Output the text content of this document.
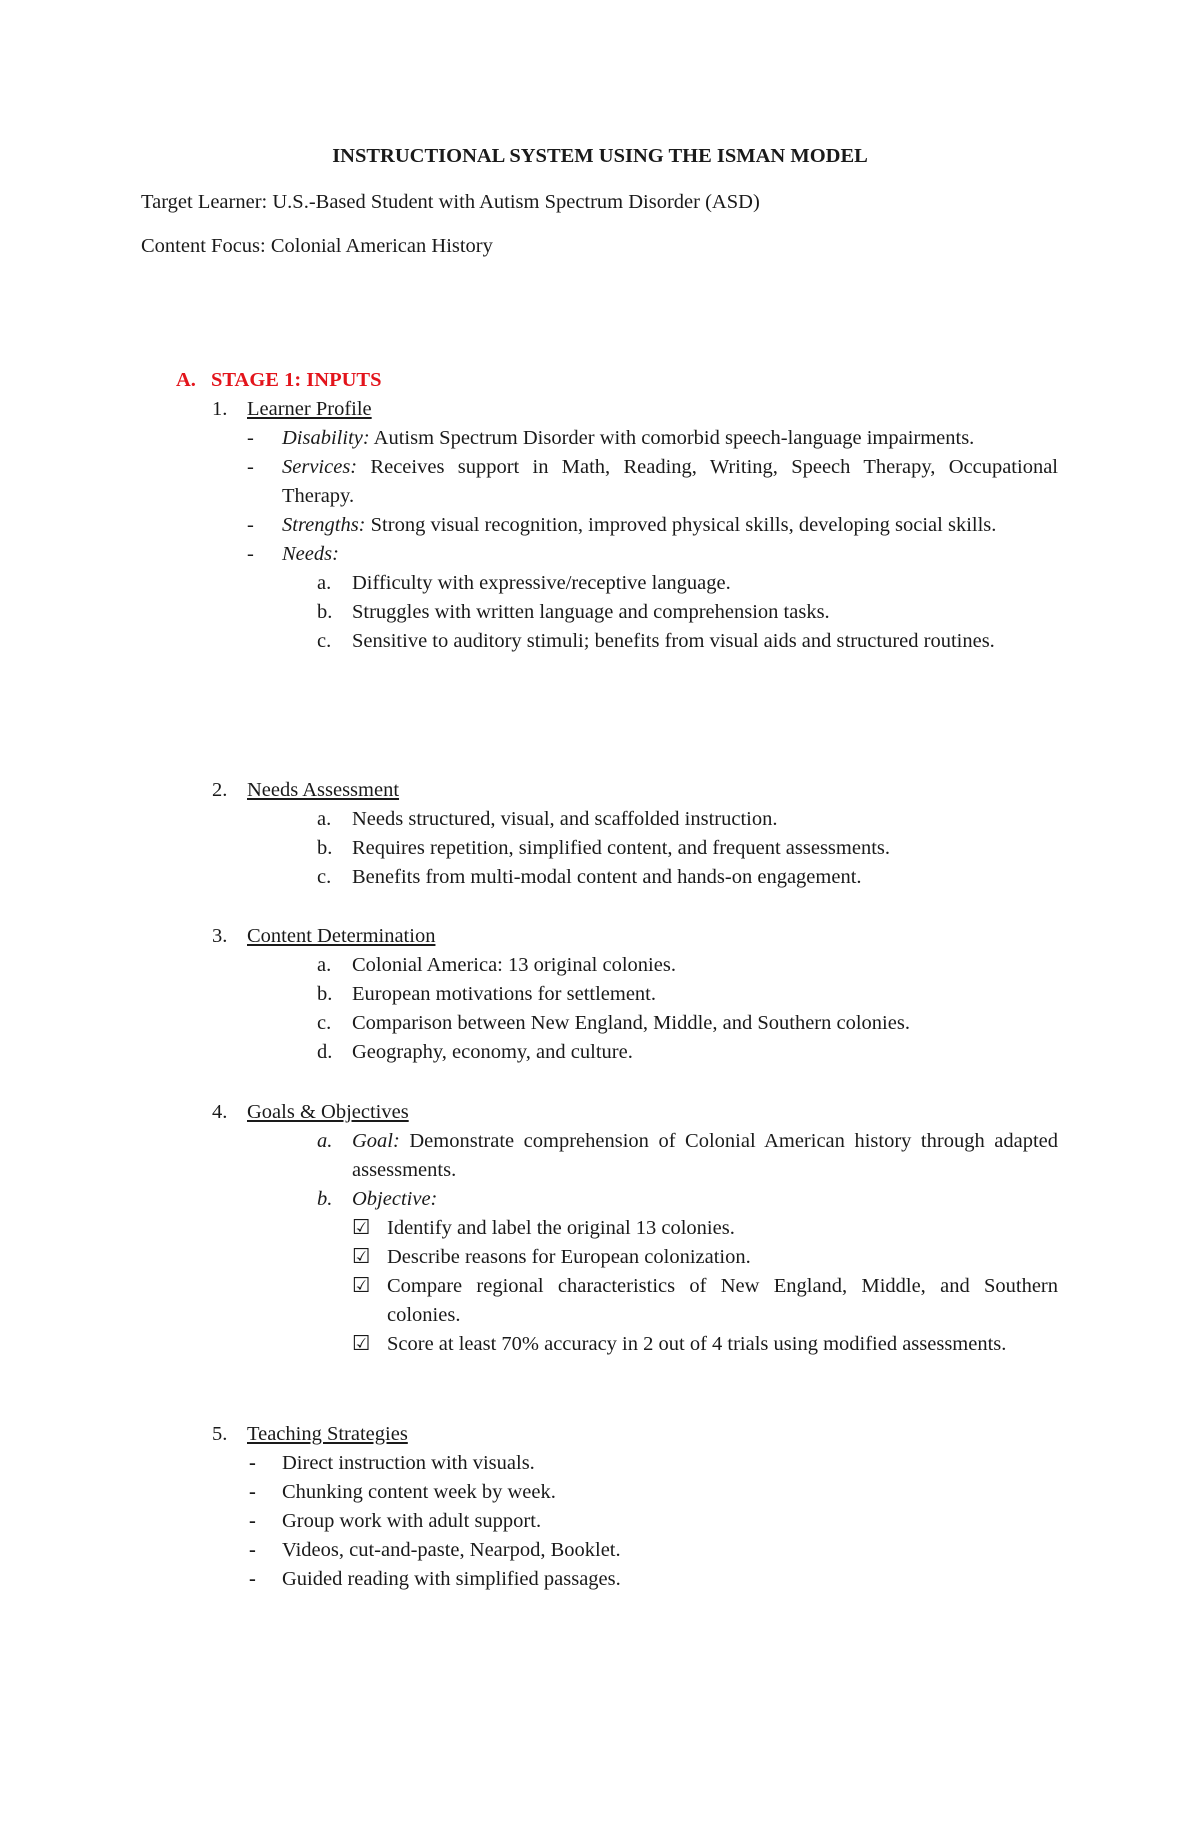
INSTRUCTIONAL SYSTEM USING THE ISMAN MODEL
Target Learner: U.S.-Based Student with Autism Spectrum Disorder (ASD)
Content Focus: Colonial American History
A. STAGE 1: INPUTS
1. Learner Profile
- Disability: Autism Spectrum Disorder with comorbid speech-language impairments.
- Services: Receives support in Math, Reading, Writing, Speech Therapy, Occupational Therapy.
- Strengths: Strong visual recognition, improved physical skills, developing social skills.
- Needs:
a. Difficulty with expressive/receptive language.
b. Struggles with written language and comprehension tasks.
c. Sensitive to auditory stimuli; benefits from visual aids and structured routines.
2. Needs Assessment
a. Needs structured, visual, and scaffolded instruction.
b. Requires repetition, simplified content, and frequent assessments.
c. Benefits from multi-modal content and hands-on engagement.
3. Content Determination
a. Colonial America: 13 original colonies.
b. European motivations for settlement.
c. Comparison between New England, Middle, and Southern colonies.
d. Geography, economy, and culture.
4. Goals & Objectives
a. Goal: Demonstrate comprehension of Colonial American history through adapted assessments.
b. Objective:
☑ Identify and label the original 13 colonies.
☑ Describe reasons for European colonization.
☑ Compare regional characteristics of New England, Middle, and Southern colonies.
☑ Score at least 70% accuracy in 2 out of 4 trials using modified assessments.
5. Teaching Strategies
- Direct instruction with visuals.
- Chunking content week by week.
- Group work with adult support.
- Videos, cut-and-paste, Nearpod, Booklet.
- Guided reading with simplified passages.
